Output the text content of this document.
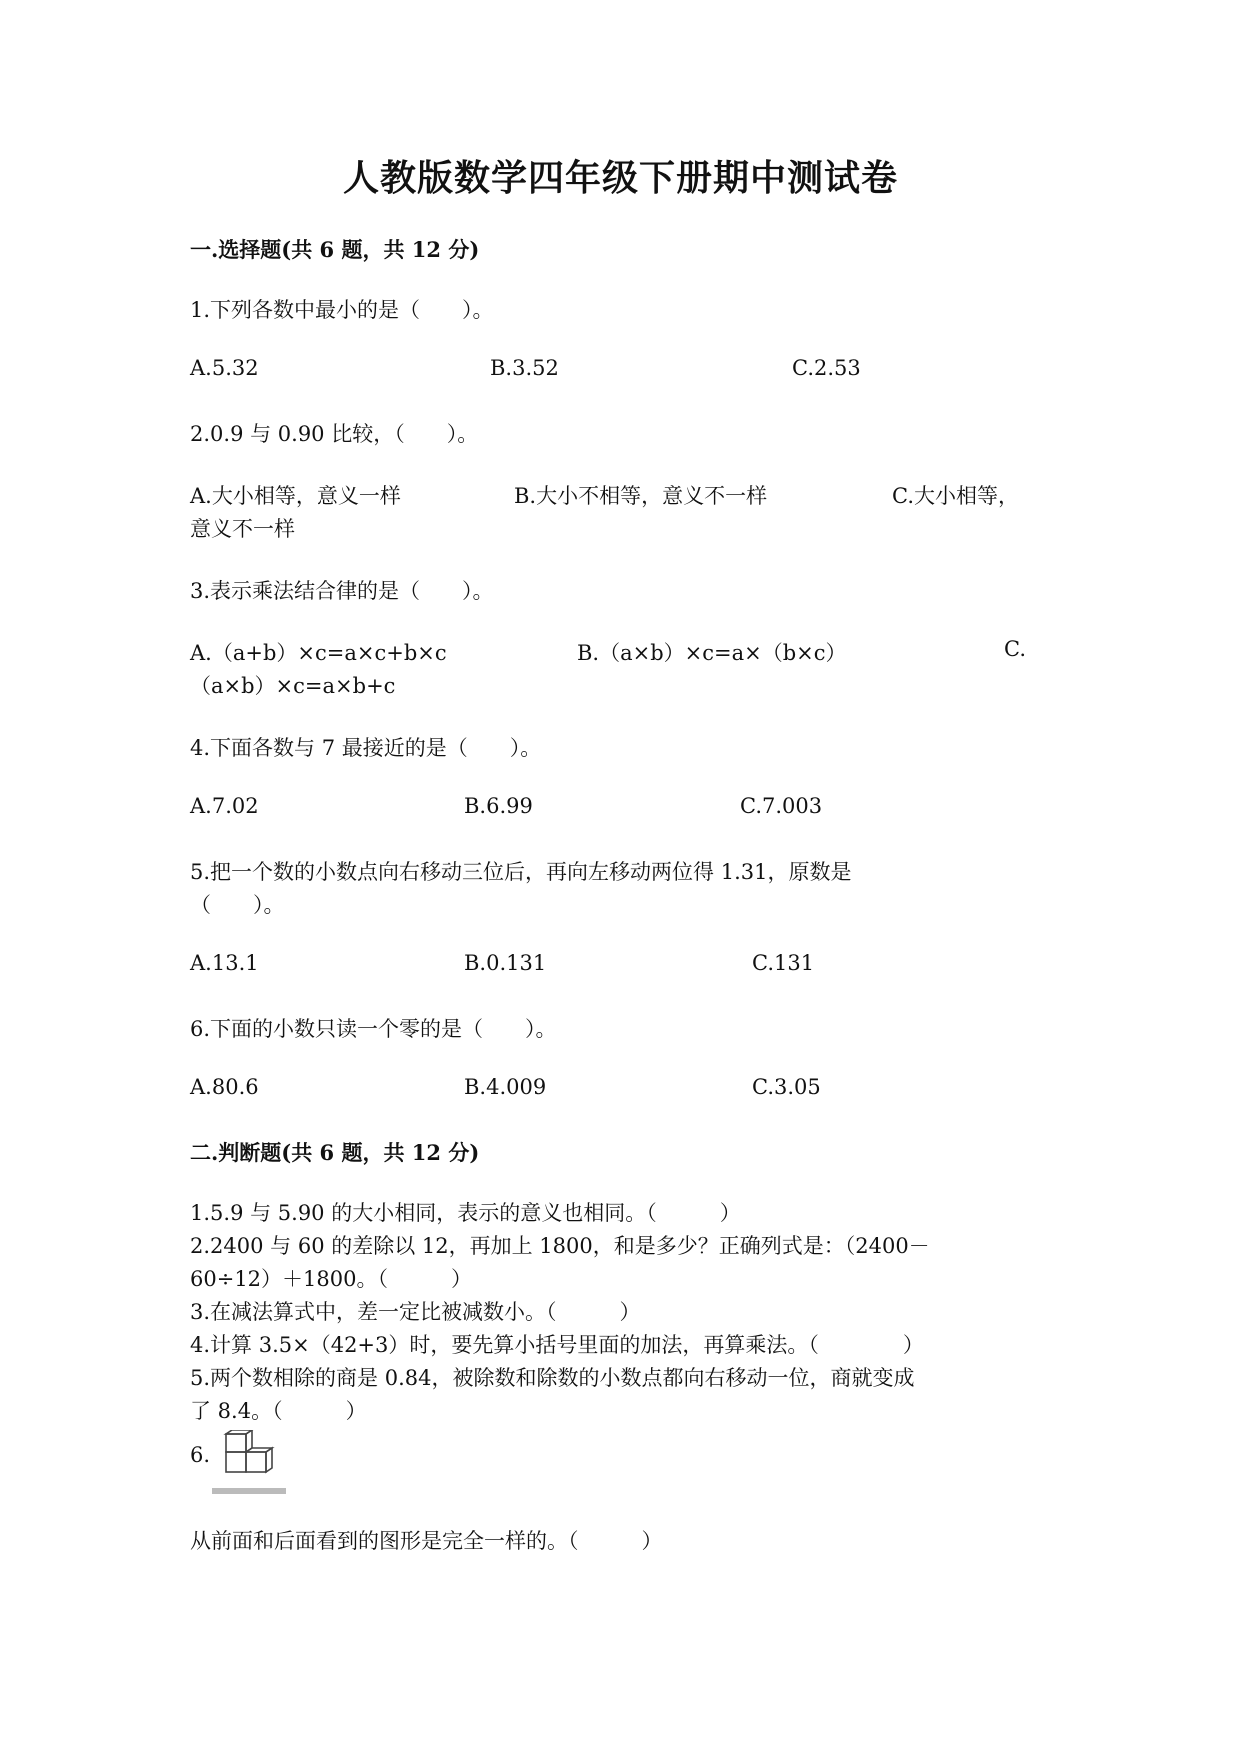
人教版数学四年级下册期中测试卷
一.选择题(共 6 题，共 12 分)
1.下列各数中最小的是（　　）。
A.5.32	B.3.52	C.2.53
2.0.9 与 0.90 比较，（　　）。
A.大小相等，意义一样	B.大小不相等，意义不一样	C.大小相等，
意义不一样
3.表示乘法结合律的是（　　）。
A.（a+b）×c=a×c+b×c	B.（a×b）×c=a×（b×c）	C.
（a×b）×c=a×b+c
4.下面各数与 7 最接近的是（　　）。
A.7.02	B.6.99	C.7.003
5.把一个数的小数点向右移动三位后，再向左移动两位得 1.31，原数是
（　　）。
A.13.1	B.0.131	C.131
6.下面的小数只读一个零的是（　　）。
A.80.6	B.4.009	C.3.05
二.判断题(共 6 题，共 12 分)
1.5.9 与 5.90 的大小相同，表示的意义也相同。（　　　）
2.2400 与 60 的差除以 12，再加上 1800，和是多少？正确列式是：（2400－
60÷12）＋1800。（　　　）
3.在减法算式中，差一定比被减数小。（　　　）
4.计算 3.5×（42+3）时，要先算小括号里面的加法，再算乘法。（　　　　）
5.两个数相除的商是 0.84，被除数和除数的小数点都向右移动一位，商就变成
了 8.4。（　　　）
6.
从前面和后面看到的图形是完全一样的。（　　　）
